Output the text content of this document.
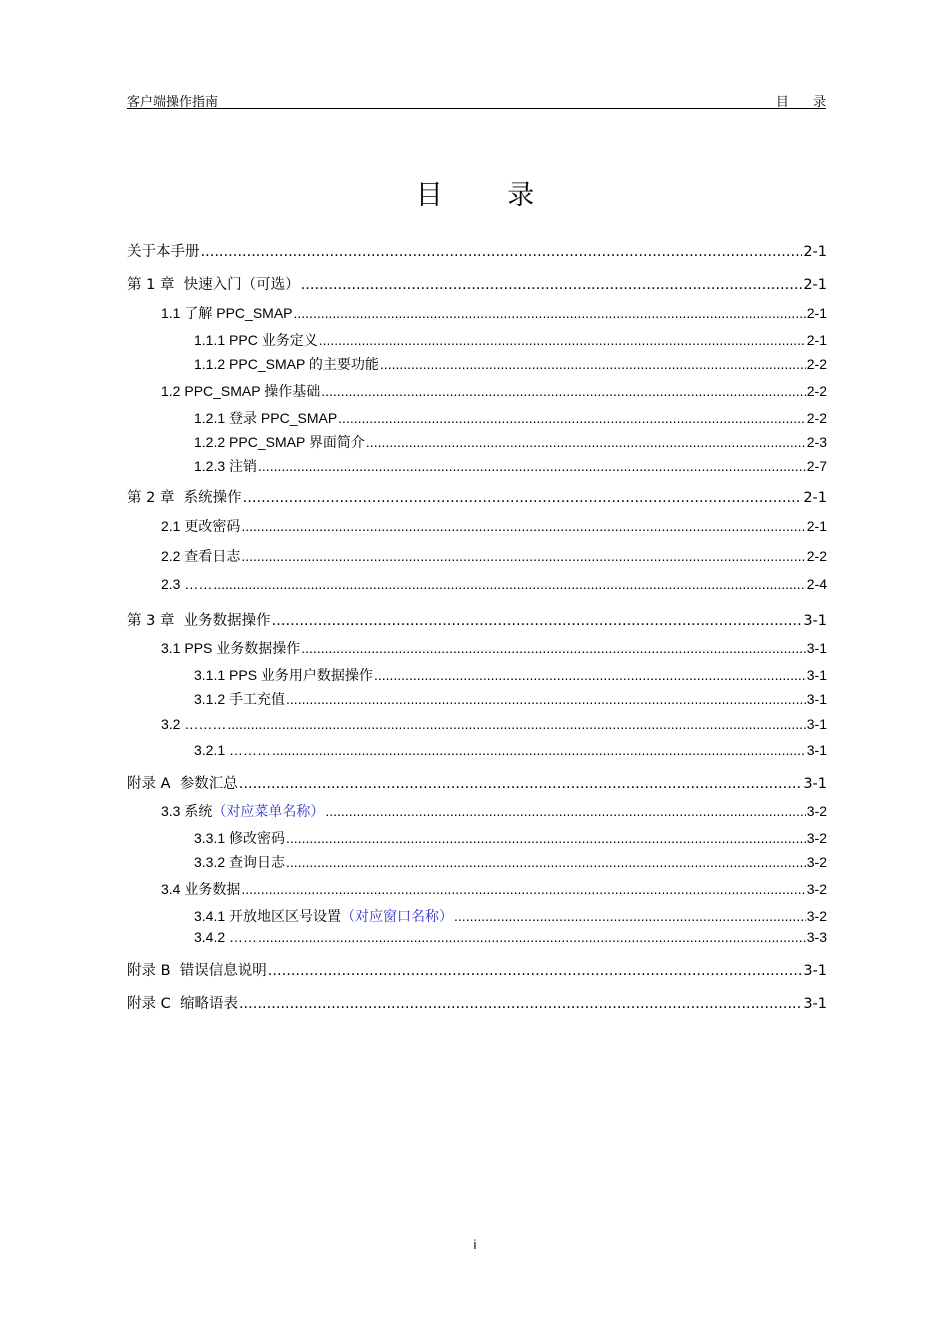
客户端操作指南	目 录
目 录
关于本手册 .....	2-1
第 1 章 快速入门（可选） .....	2-1
1.1 了解 PPC_SMAP .....	2-1
1.1.1 PPC 业务定义 .....	2-1
1.1.2 PPC_SMAP 的主要功能 .....	2-2
1.2 PPC_SMAP 操作基础 .....	2-2
1.2.1 登录 PPC_SMAP .....	2-2
1.2.2 PPC_SMAP 界面简介 .....	2-3
1.2.3 注销 .....	2-7
第 2 章 系统操作 .....	2-1
2.1 更改密码 .....	2-1
2.2 查看日志 .....	2-2
2.3 …… .....	2-4
第 3 章 业务数据操作 .....	3-1
3.1 PPS 业务数据操作 .....	3-1
3.1.1 PPS 业务用户数据操作 .....	3-1
3.1.2 手工充值 .....	3-1
3.2 ……… .....	3-1
3.2.1 ……… .....	3-1
附录 A 参数汇总 .....	3-1
3.3 系统（对应菜单名称） .....	3-2
3.3.1 修改密码 .....	3-2
3.3.2 查询日志 .....	3-2
3.4 业务数据 .....	3-2
3.4.1 开放地区区号设置（对应窗口名称） .....	3-2
3.4.2 …… .....	3-3
附录 B 错误信息说明 .....	3-1
附录 C 缩略语表 .....	3-1
i
